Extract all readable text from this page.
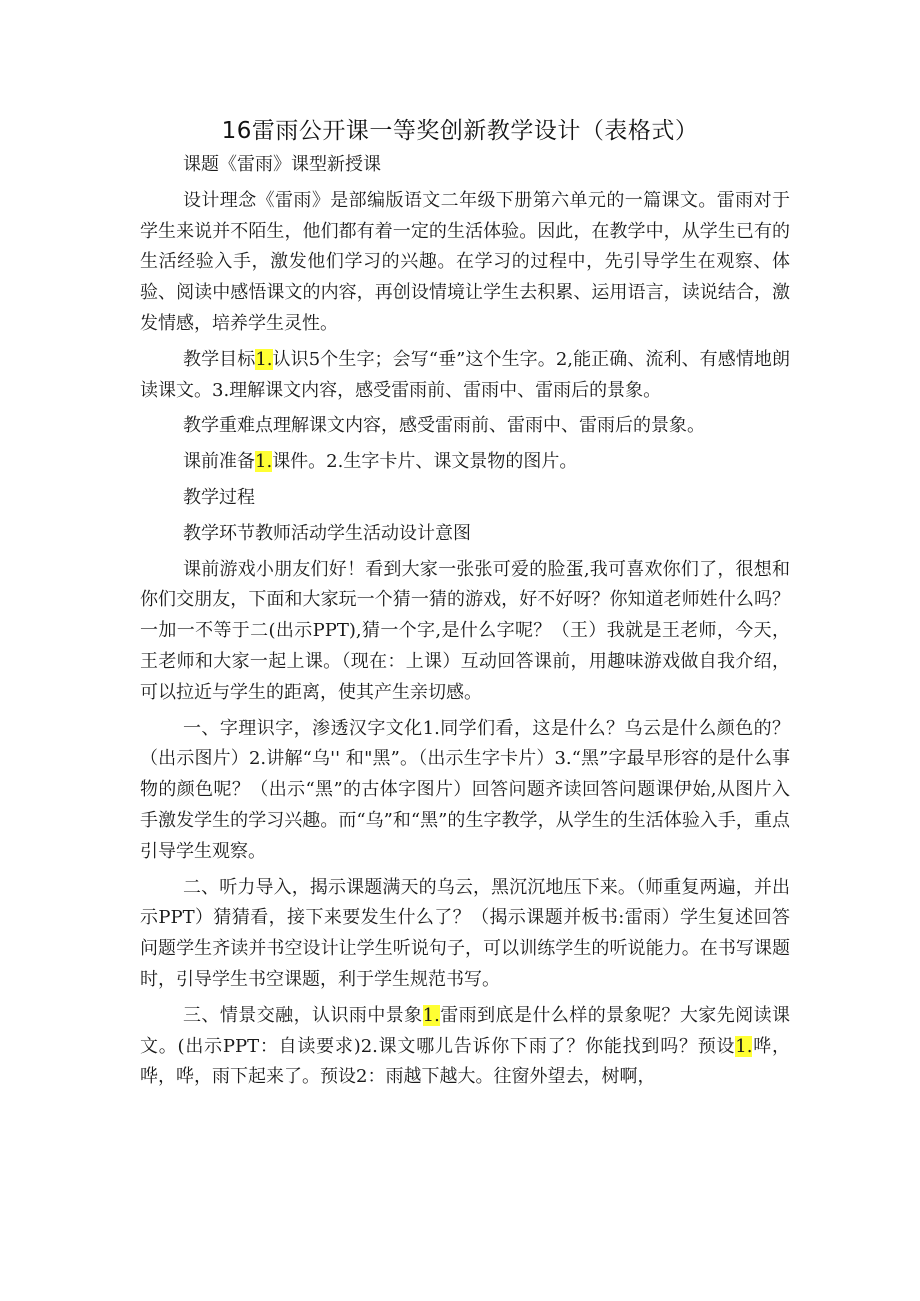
16雷雨公开课一等奖创新教学设计（表格式）

课题《雷雨》课型新授课

设计理念《雷雨》是部编版语文二年级下册第六单元的一篇课文。雷雨对于学生来说并不陌生，他们都有着一定的生活体验。因此，在教学中，从学生已有的生活经验入手，激发他们学习的兴趣。在学习的过程中，先引导学生在观察、体验、阅读中感悟课文的内容，再创设情境让学生去积累、运用语言，读说结合，激发情感，培养学生灵性。

教学目标1.认识5个生字；会写“垂”这个生字。2,能正确、流利、有感情地朗读课文。3.理解课文内容，感受雷雨前、雷雨中、雷雨后的景象。

教学重难点理解课文内容，感受雷雨前、雷雨中、雷雨后的景象。

课前准备1.课件。2.生字卡片、课文景物的图片。

教学过程

教学环节教师活动学生活动设计意图

课前游戏小朋友们好！看到大家一张张可爱的脸蛋,我可喜欢你们了，很想和你们交朋友，下面和大家玩一个猜一猜的游戏，好不好呀？你知道老师姓什么吗？一加一不等于二(出示PPT),猜一个字,是什么字呢？（王）我就是王老师，今天，王老师和大家一起上课。（现在：上课）互动回答课前，用趣味游戏做自我介绍，可以拉近与学生的距离，使其产生亲切感。

一、字理识字，渗透汉字文化1.同学们看，这是什么？乌云是什么颜色的？（出示图片）2.讲解“乌'' 和"黑”。（出示生字卡片）3.“黑”字最早形容的是什么事物的颜色呢？（出示“黑”的古体字图片）回答问题齐读回答问题课伊始,从图片入手激发学生的学习兴趣。而“乌”和“黑”的生字教学，从学生的生活体验入手，重点引导学生观察。

二、听力导入，揭示课题满天的乌云，黑沉沉地压下来。（师重复两遍，并出示PPT）猜猜看，接下来要发生什么了？（揭示课题并板书:雷雨）学生复述回答问题学生齐读并书空设计让学生听说句子，可以训练学生的听说能力。在书写课题时，引导学生书空课题，利于学生规范书写。

三、情景交融，认识雨中景象1.雷雨到底是什么样的景象呢？大家先阅读课文。(出示PPT：自读要求)2.课文哪儿告诉你下雨了？你能找到吗？预设1.哗，哗，哗，雨下起来了。预设2：雨越下越大。往窗外望去，树啊，
